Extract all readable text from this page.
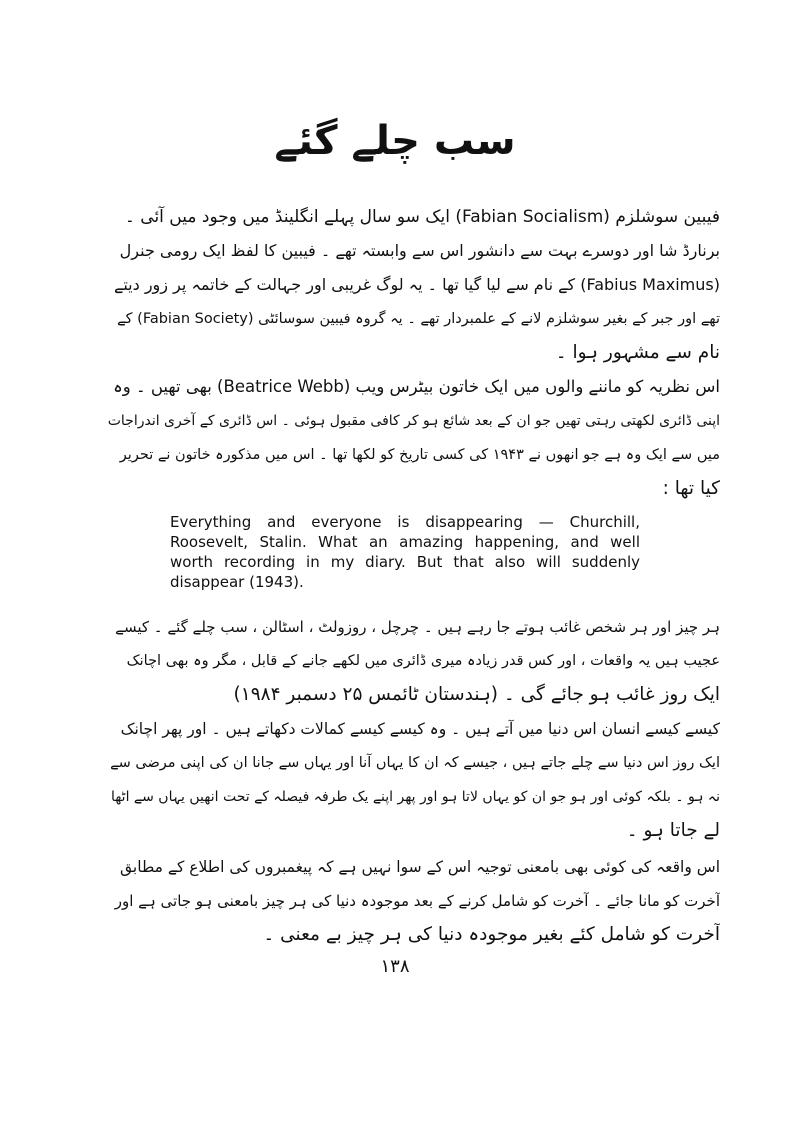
سب چلے گئے
فیبین سوشلزم (Fabian Socialism) ایک سو سال پہلے انگلینڈ میں وجود میں آئی ۔
برنارڈ شا اور دوسرے بہت سے دانشور اس سے وابستہ تھے ۔ فیبین کا لفظ ایک رومی جنرل
(Fabius Maximus) کے نام سے لیا گیا تھا ۔ یہ لوگ غریبی اور جہالت کے خاتمہ پر زور دیتے
تھے اور جبر کے بغیر سوشلزم لانے کے علمبردار تھے ۔ یہ گروہ فیبین سوسائٹی (Fabian Society) کے
نام سے مشہور ہوا ۔
اس نظریہ کو ماننے والوں میں ایک خاتون بیٹرس ویب (Beatrice Webb) بھی تھیں ۔ وہ
اپنی ڈائری لکھتی رہتی تھیں جو ان کے بعد شائع ہو کر کافی مقبول ہوئی ۔ اس ڈائری کے آخری اندراجات
میں سے ایک وہ ہے جو انھوں نے ۱۹۴۳ کی کسی تاریخ کو لکھا تھا ۔ اس میں مذکورہ خاتون نے تحریر
کیا تھا :
Everything and everyone is disappearing — Churchill, Roosevelt, Stalin. What an amazing happening, and well worth recording in my diary. But that also will suddenly disappear (1943).
ہر چیز اور ہر شخص غائب ہوتے جا رہے ہیں ۔ چرچل ، روزولٹ ، اسٹالن ، سب چلے گئے ۔ کیسے
عجیب ہیں یہ واقعات ، اور کس قدر زیادہ میری ڈائری میں لکھے جانے کے قابل ، مگر وہ بھی اچانک
ایک روز غائب ہو جائے گی ۔ (ہندستان ٹائمس ۲۵ دسمبر ۱۹۸۴)
کیسے کیسے انسان اس دنیا میں آتے ہیں ۔ وہ کیسے کیسے کمالات دکھاتے ہیں ۔ اور پھر اچانک
ایک روز اس دنیا سے چلے جاتے ہیں ، جیسے کہ ان کا یہاں آنا اور یہاں سے جانا ان کی اپنی مرضی سے
نہ ہو ۔ بلکہ کوئی اور ہو جو ان کو یہاں لاتا ہو اور پھر اپنے یک طرفہ فیصلہ کے تحت انھیں یہاں سے اٹھا
لے جاتا ہو ۔
اس واقعہ کی کوئی بھی بامعنی توجیہ اس کے سوا نہیں ہے کہ پیغمبروں کی اطلاع کے مطابق
آخرت کو مانا جائے ۔ آخرت کو شامل کرنے کے بعد موجودہ دنیا کی ہر چیز بامعنی ہو جاتی ہے اور
آخرت کو شامل کئے بغیر موجودہ دنیا کی ہر چیز بے معنی ۔
۱۳۸
